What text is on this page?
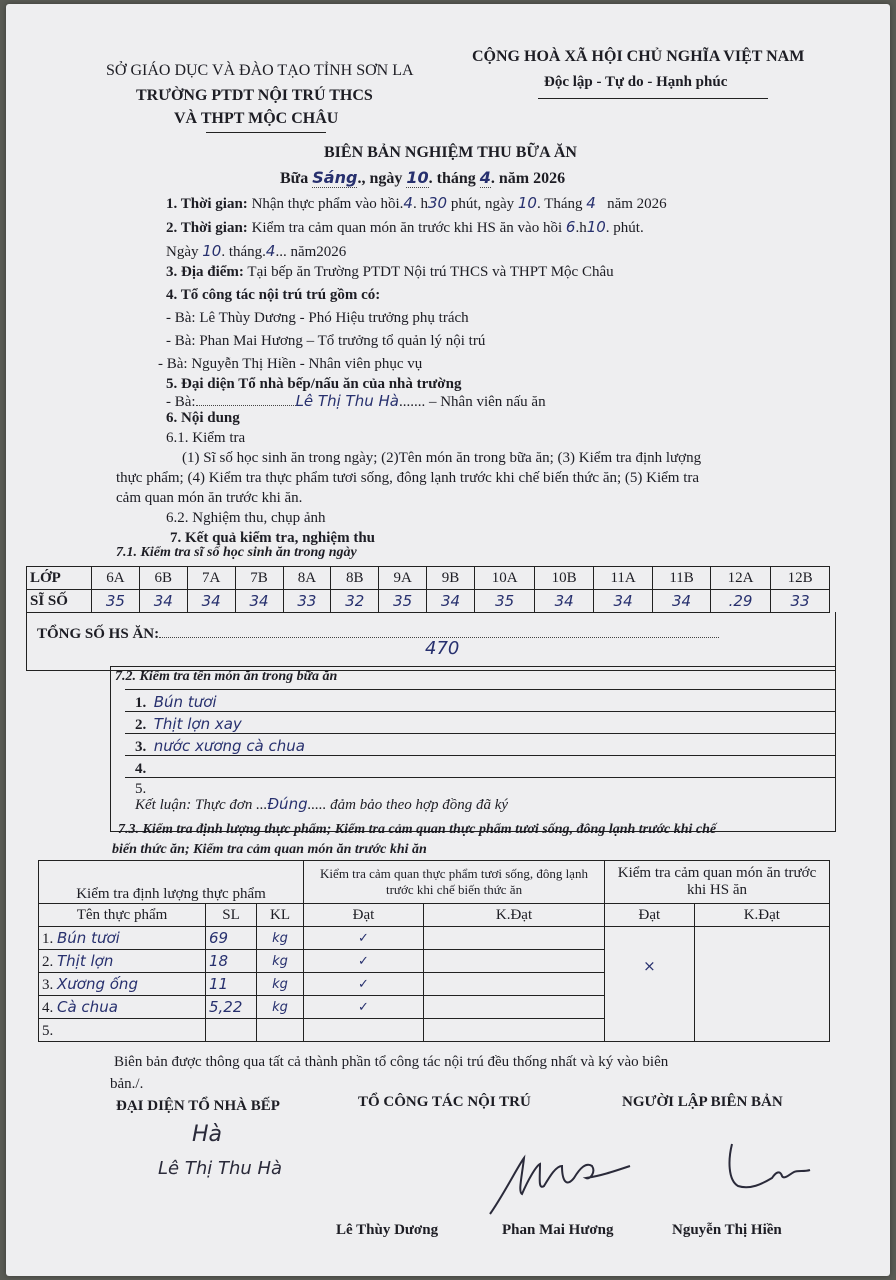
SỞ GIÁO DỤC VÀ ĐÀO TẠO TỈNH SƠN LA
TRƯỜNG PTDT NỘI TRÚ THCS
VÀ THPT MỘC CHÂU
CỘNG HOÀ XÃ HỘI CHỦ NGHĨA VIỆT NAM
Độc lập - Tự do - Hạnh phúc
BIÊN BẢN NGHIỆM THU BỮA ĂN
Bữa Sáng., ngày 10. tháng 4. năm 2026
1. Thời gian: Nhận thực phẩm vào hồi.4. h30 phút, ngày 10. Tháng 4 năm 2026
2. Thời gian: Kiểm tra cảm quan món ăn trước khi HS ăn vào hồi 6.h10. phút.
Ngày 10. tháng.4... năm2026
3. Địa điểm: Tại bếp ăn Trường PTDT Nội trú THCS và THPT Mộc Châu
4. Tổ công tác nội trú trú gồm có:
- Bà: Lê Thùy Dương - Phó Hiệu trưởng phụ trách
- Bà: Phan Mai Hương – Tổ trưởng tổ quản lý nội trú
- Bà: Nguyễn Thị Hiền - Nhân viên phục vụ
5. Đại diện Tổ nhà bếp/nấu ăn của nhà trường
- Bà:	Lê Thị Thu Hà....... – Nhân viên nấu ăn
6. Nội dung
6.1. Kiểm tra
(1) Sĩ số học sinh ăn trong ngày; (2)Tên món ăn trong bữa ăn; (3) Kiểm tra định lượng
thực phẩm; (4) Kiểm tra thực phẩm tươi sống, đông lạnh trước khi chế biến thức ăn; (5) Kiểm tra
cảm quan món ăn trước khi ăn.
6.2. Nghiệm thu, chụp ảnh
7. Kết quả kiểm tra, nghiệm thu
7.1. Kiểm tra sĩ số học sinh ăn trong ngày
LỚP	6A	6B	7A	7B	8A	8B	9A	9B	10A	10B	11A	11B	12A	12B
SĨ SỐ	35	34	34	34	33	32	35	34	35	34	34	34	.29	33
TỔNG SỐ HS ĂN:
470
7.2. Kiểm tra tên món ăn trong bữa ăn
1. Bún tươi
2. Thịt lợn xay
3. nước xương cà chua
4.
5.
Kết luận: Thực đơn ...Đúng..... đảm bảo theo hợp đồng đã ký
7.3. Kiểm tra định lượng thực phẩm; Kiểm tra cảm quan thực phẩm tươi sống, đông lạnh trước khi chế
biến thức ăn; Kiểm tra cảm quan món ăn trước khi ăn
Kiểm tra định lượng thực phẩm			Kiểm tra cảm quan thực phẩm tươi sống, đông lạnh trước khi chế biến thức ăn		Kiểm tra cảm quan món ăn trước khi HS ăn	
Tên thực phẩm	SL	KL	Đạt	K.Đạt	Đạt	K.Đạt
1. Bún tươi	69	kg	✓		×	
2. Thịt lợn	18	kg	✓			
3. Xương ống	11	kg	✓			
4. Cà chua	5,22	kg	✓			
5.						
Biên bản được thông qua tất cả thành phần tổ công tác nội trú đều thống nhất và ký vào biên
bản./.
ĐẠI DIỆN TỔ NHÀ BẾP	TỔ CÔNG TÁC NỘI TRÚ	NGƯỜI LẬP BIÊN BẢN
Hà
Lê Thị Thu Hà
Lê Thùy Dương	Phan Mai Hương	Nguyễn Thị Hiền
